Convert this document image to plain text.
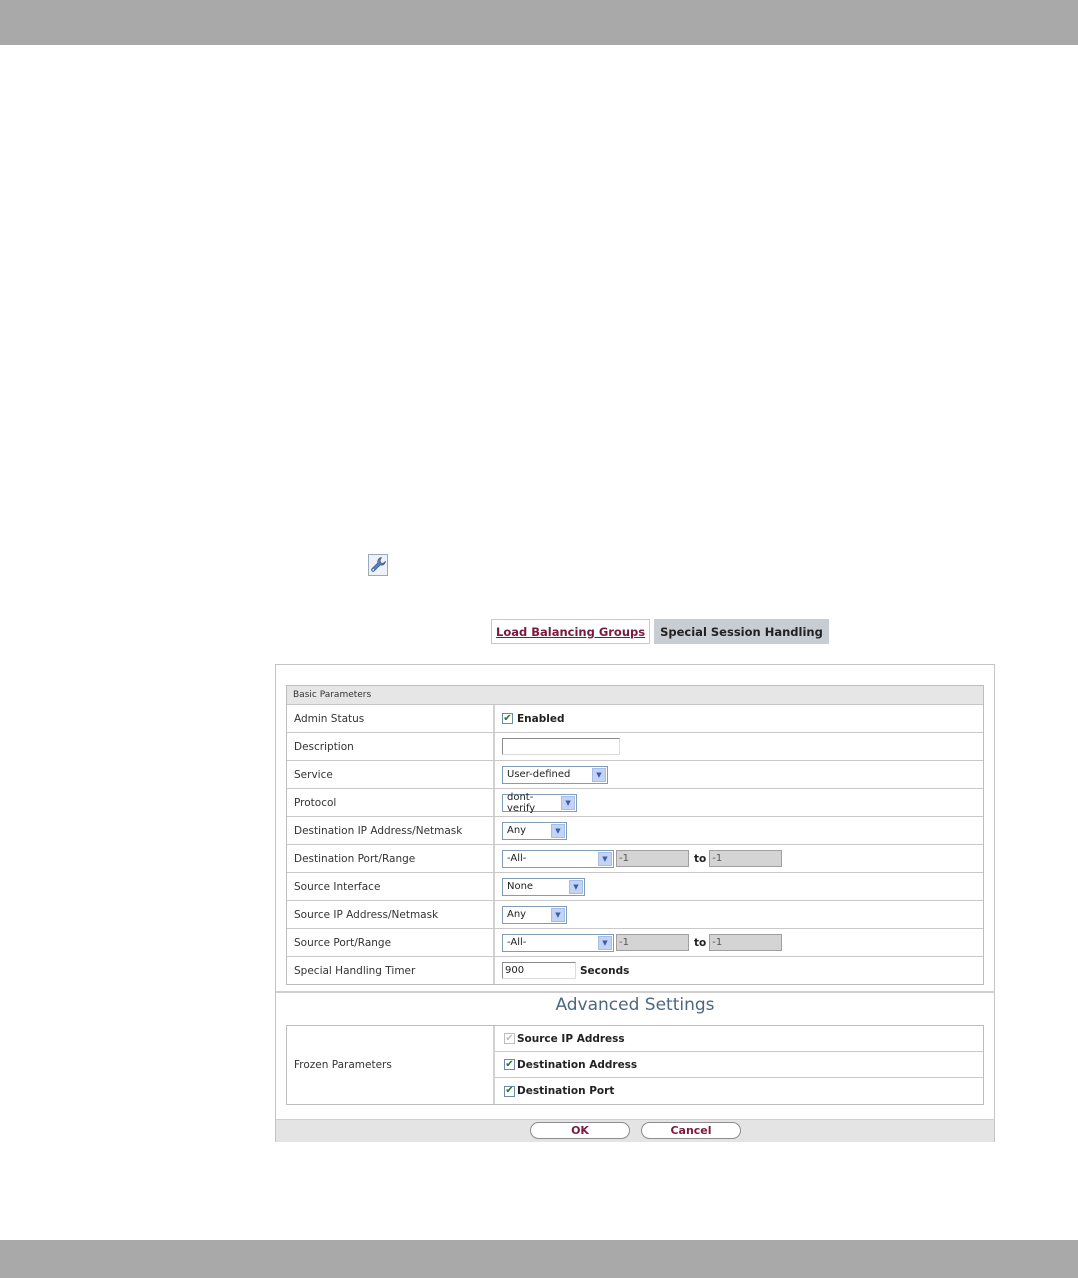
Load Balancing Groups	Special Session Handling
Basic Parameters
Admin Status	✔ Enabled
Description
Service	User-defined	▼
Protocol	dont-verify	▼
Destination IP Address/Netmask	Any	▼
Destination Port/Range	-All-	▼	-1	to -1
Source Interface	None	▼
Source IP Address/Netmask	Any	▼
Source Port/Range	-All-	▼	-1	to -1
Special Handling Timer	900	Seconds
Advanced Settings
Frozen Parameters
✔ Source IP Address
✔ Destination Address
✔ Destination Port
OK	Cancel
